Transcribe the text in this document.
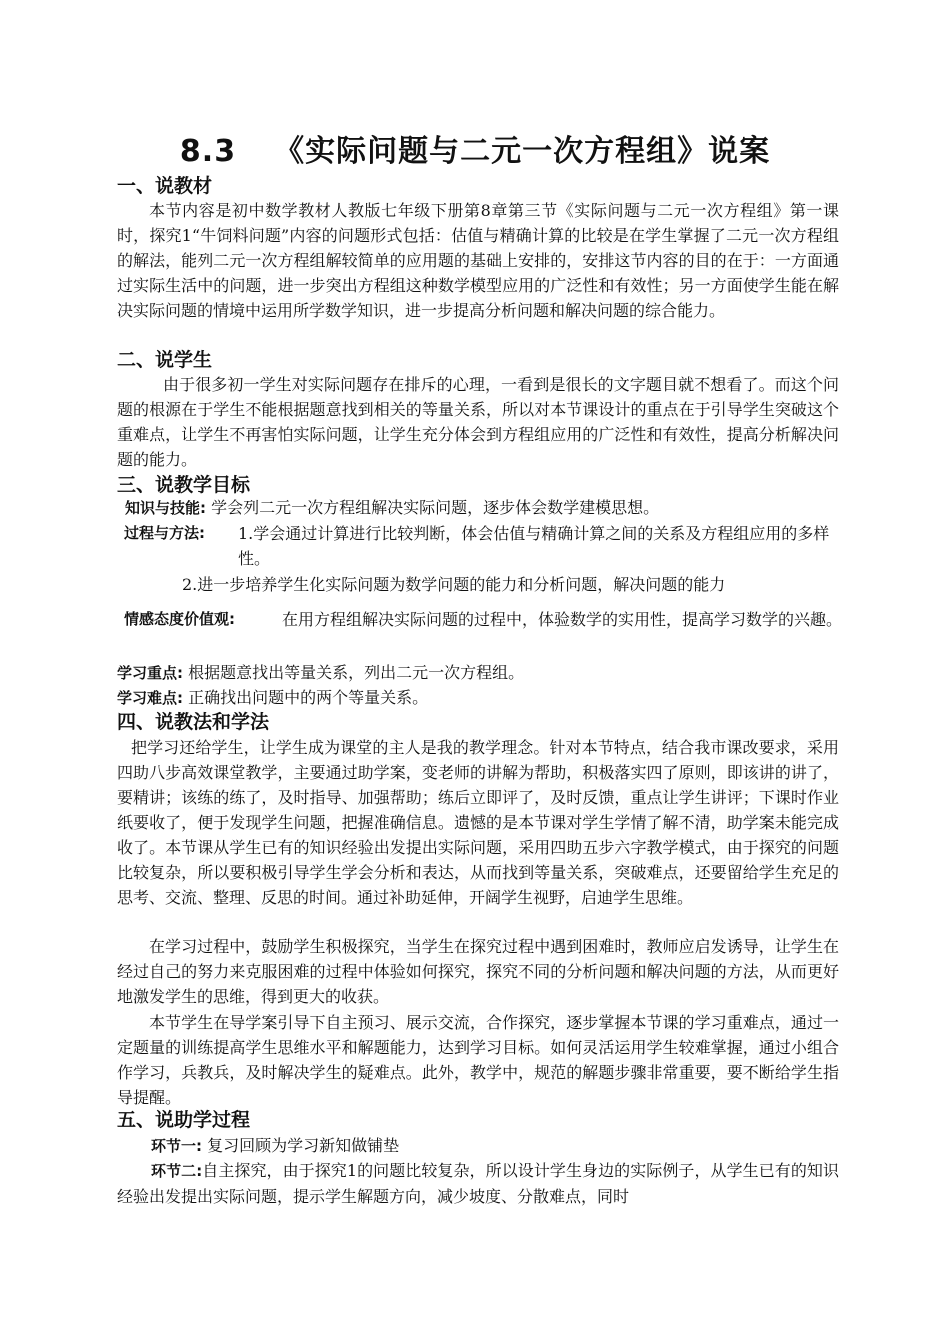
8.3 《实际问题与二元一次方程组》说案
一、说教材
本节内容是初中数学教材人教版七年级下册第8章第三节《实际问题与二元一次方程组》第一课时，探究1“牛饲料问题”内容的问题形式包括：估值与精确计算的比较是在学生掌握了二元一次方程组的解法，能列二元一次方程组解较简单的应用题的基础上安排的，安排这节内容的目的在于：一方面通过实际生活中的问题，进一步突出方程组这种数学模型应用的广泛性和有效性；另一方面使学生能在解决实际问题的情境中运用所学数学知识，进一步提高分析问题和解决问题的综合能力。
二、说学生
由于很多初一学生对实际问题存在排斥的心理，一看到是很长的文字题目就不想看了。而这个问题的根源在于学生不能根据题意找到相关的等量关系，所以对本节课设计的重点在于引导学生突破这个重难点，让学生不再害怕实际问题，让学生充分体会到方程组应用的广泛性和有效性，提高分析解决问题的能力。
三、说教学目标
知识与技能: 学会列二元一次方程组解决实际问题，逐步体会数学建模思想。
过程与方法: 1.学会通过计算进行比较判断，体会估值与精确计算之间的关系及方程组应用的多样性。
2.进一步培养学生化实际问题为数学问题的能力和分析问题，解决问题的能力
情感态度价值观:	在用方程组解决实际问题的过程中，体验数学的实用性，提高学习数学的兴趣。
学习重点: 根据题意找出等量关系，列出二元一次方程组。
学习难点: 正确找出问题中的两个等量关系。
四、说教法和学法
把学习还给学生，让学生成为课堂的主人是我的教学理念。针对本节特点，结合我市课改要求，采用四助八步高效课堂教学，主要通过助学案，变老师的讲解为帮助，积极落实四了原则，即该讲的讲了，要精讲；该练的练了，及时指导、加强帮助；练后立即评了，及时反馈，重点让学生讲评；下课时作业纸要收了，便于发现学生问题，把握准确信息。遗憾的是本节课对学生学情了解不清，助学案未能完成收了。本节课从学生已有的知识经验出发提出实际问题，采用四助五步六字教学模式，由于探究的问题比较复杂，所以要积极引导学生学会分析和表达，从而找到等量关系，突破难点，还要留给学生充足的思考、交流、整理、反思的时间。通过补助延伸，开阔学生视野，启迪学生思维。
在学习过程中，鼓励学生积极探究，当学生在探究过程中遇到困难时，教师应启发诱导，让学生在经过自己的努力来克服困难的过程中体验如何探究，探究不同的分析问题和解决问题的方法，从而更好地激发学生的思维，得到更大的收获。
本节学生在导学案引导下自主预习、展示交流，合作探究，逐步掌握本节课的学习重难点，通过一定题量的训练提高学生思维水平和解题能力，达到学习目标。如何灵活运用学生较难掌握，通过小组合作学习，兵教兵，及时解决学生的疑难点。此外，教学中，规范的解题步骤非常重要，要不断给学生指导提醒。
五、说助学过程
环节一: 复习回顾为学习新知做铺垫
环节二:自主探究，由于探究1的问题比较复杂，所以设计学生身边的实际例子，从学生已有的知识经验出发提出实际问题，提示学生解题方向，减少坡度、分散难点，同时
